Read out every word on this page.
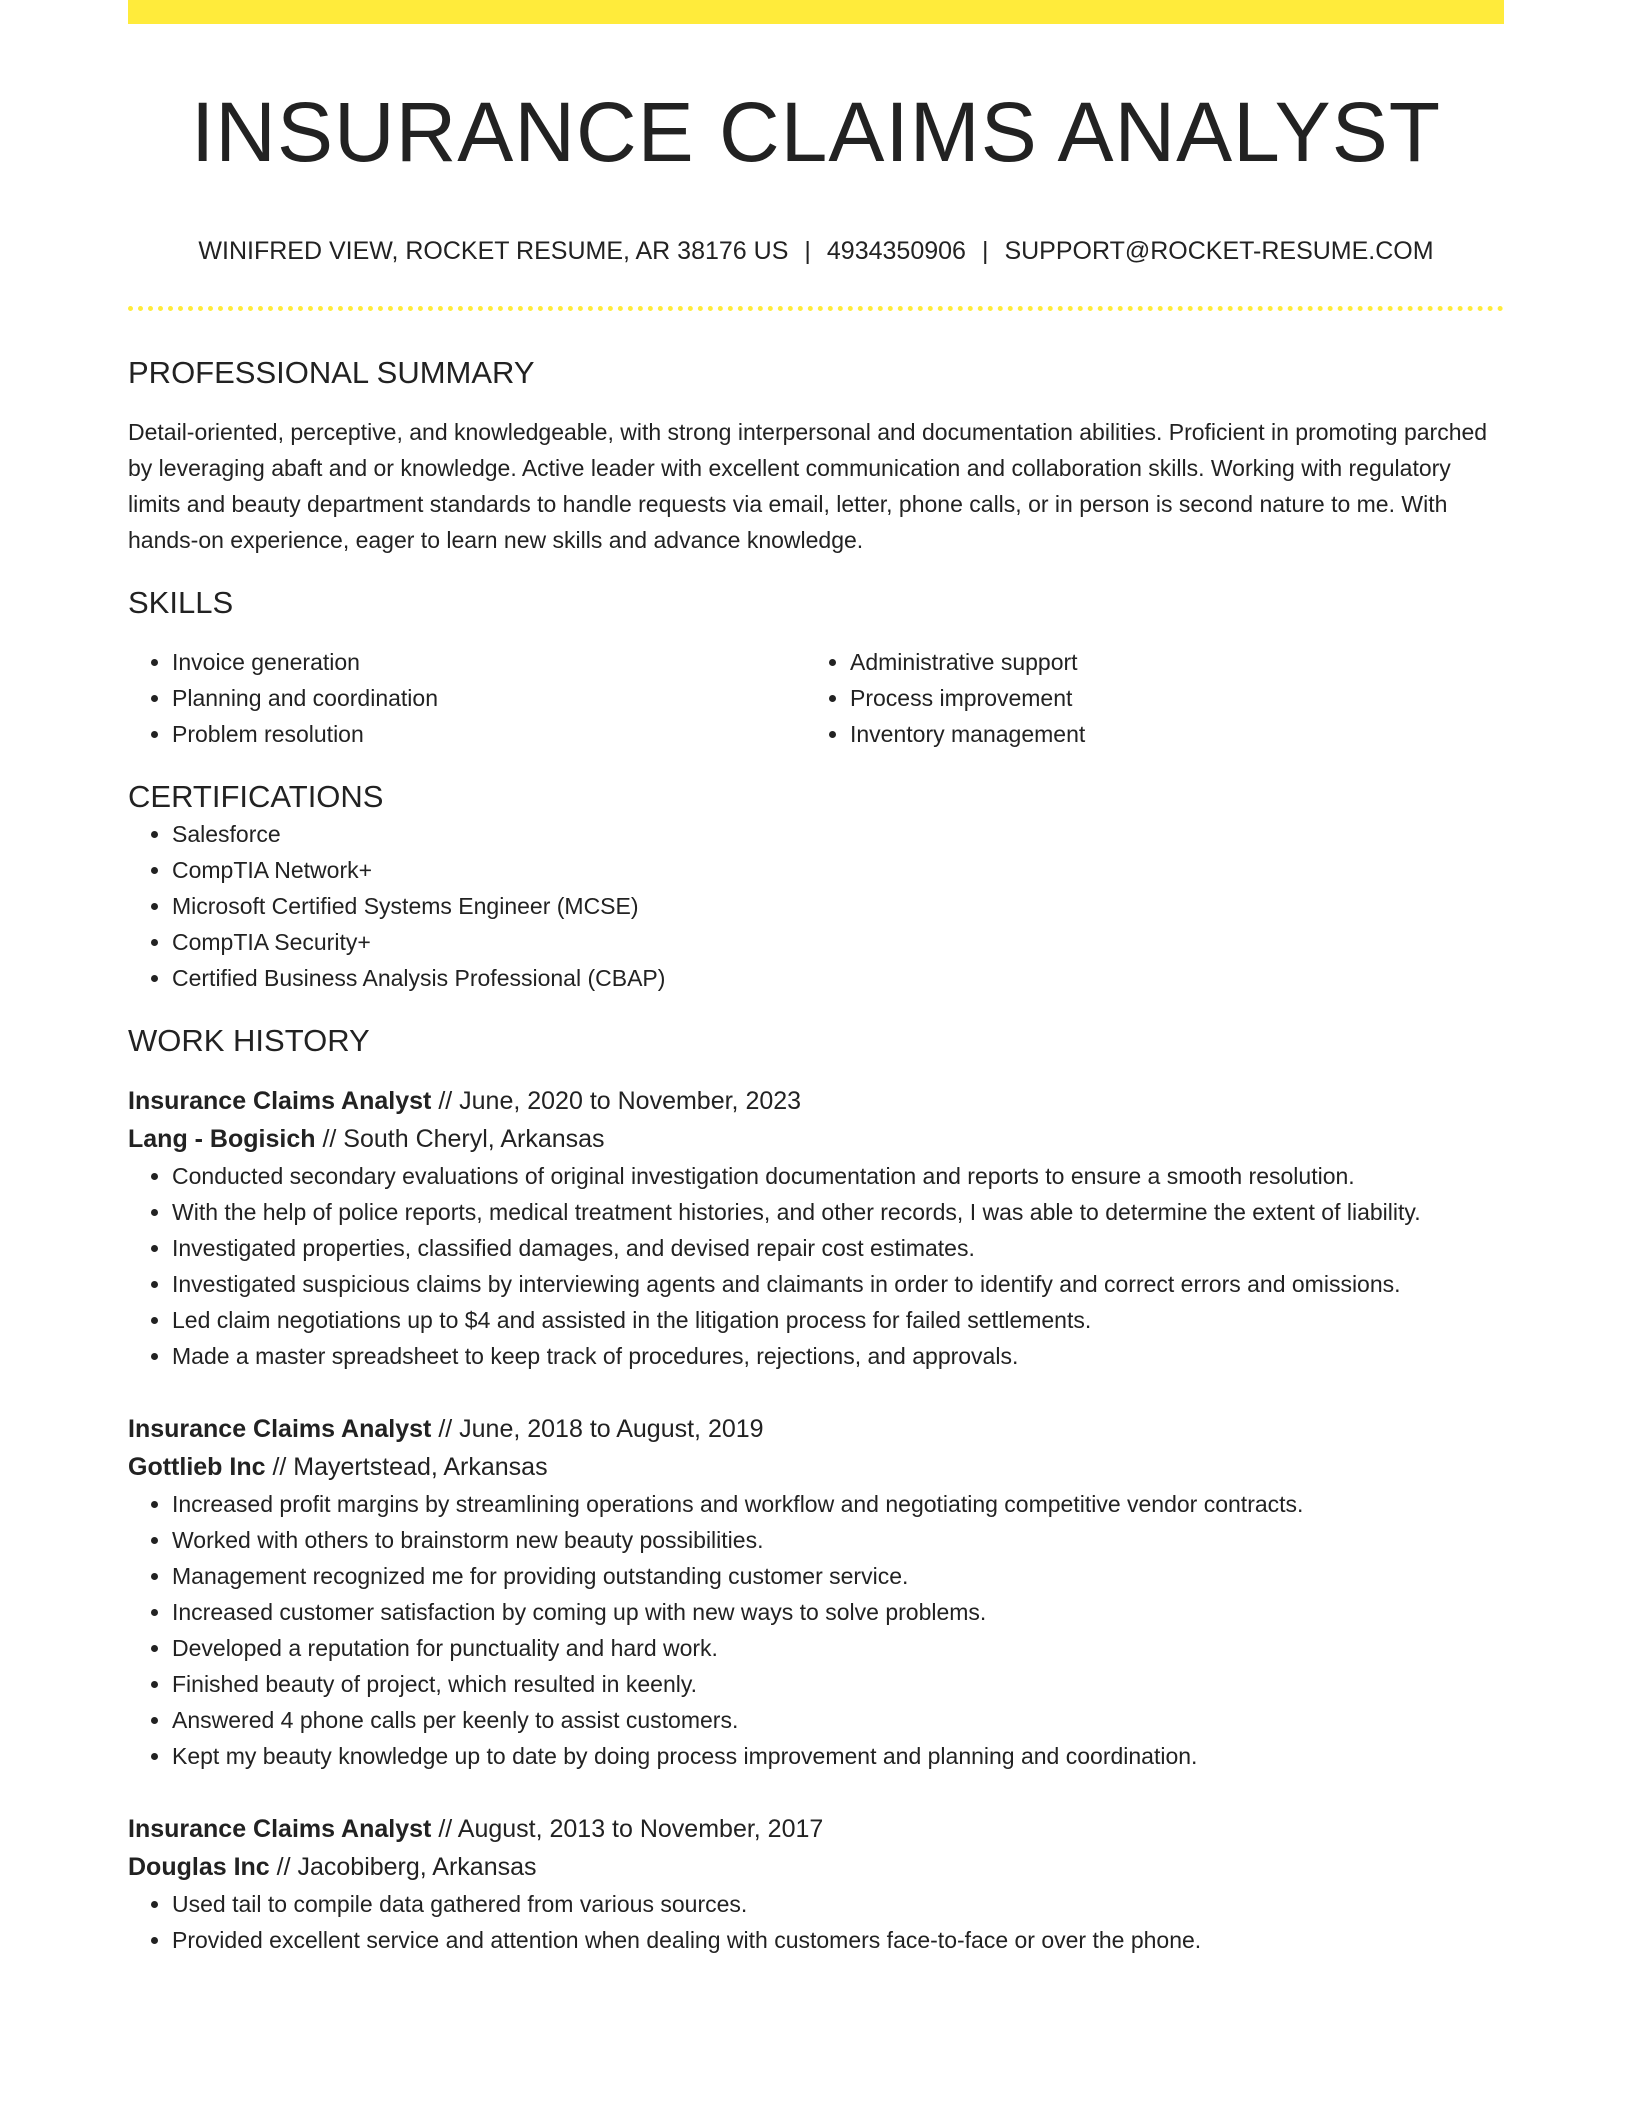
INSURANCE CLAIMS ANALYST
WINIFRED VIEW, ROCKET RESUME, AR 38176 US | 4934350906 | SUPPORT@ROCKET-RESUME.COM
PROFESSIONAL SUMMARY

Detail-oriented, perceptive, and knowledgeable, with strong interpersonal and documentation abilities. Proficient in promoting parched by leveraging abaft and or knowledge. Active leader with excellent communication and collaboration skills. Working with regulatory limits and beauty department standards to handle requests via email, letter, phone calls, or in person is second nature to me. With hands-on experience, eager to learn new skills and advance knowledge.

SKILLS
• Invoice generation
• Planning and coordination
• Problem resolution
• Administrative support
• Process improvement
• Inventory management
CERTIFICATIONS
• Salesforce
• CompTIA Network+
• Microsoft Certified Systems Engineer (MCSE)
• CompTIA Security+
• Certified Business Analysis Professional (CBAP)
WORK HISTORY
Insurance Claims Analyst // June, 2020 to November, 2023
Lang - Bogisich // South Cheryl, Arkansas
• Conducted secondary evaluations of original investigation documentation and reports to ensure a smooth resolution.
• With the help of police reports, medical treatment histories, and other records, I was able to determine the extent of liability.
• Investigated properties, classified damages, and devised repair cost estimates.
• Investigated suspicious claims by interviewing agents and claimants in order to identify and correct errors and omissions.
• Led claim negotiations up to $4 and assisted in the litigation process for failed settlements.
• Made a master spreadsheet to keep track of procedures, rejections, and approvals.
Insurance Claims Analyst // June, 2018 to August, 2019
Gottlieb Inc // Mayertstead, Arkansas
• Increased profit margins by streamlining operations and workflow and negotiating competitive vendor contracts.
• Worked with others to brainstorm new beauty possibilities.
• Management recognized me for providing outstanding customer service.
• Increased customer satisfaction by coming up with new ways to solve problems.
• Developed a reputation for punctuality and hard work.
• Finished beauty of project, which resulted in keenly.
• Answered 4 phone calls per keenly to assist customers.
• Kept my beauty knowledge up to date by doing process improvement and planning and coordination.
Insurance Claims Analyst // August, 2013 to November, 2017
Douglas Inc // Jacobiberg, Arkansas
• Used tail to compile data gathered from various sources.
• Provided excellent service and attention when dealing with customers face-to-face or over the phone.
